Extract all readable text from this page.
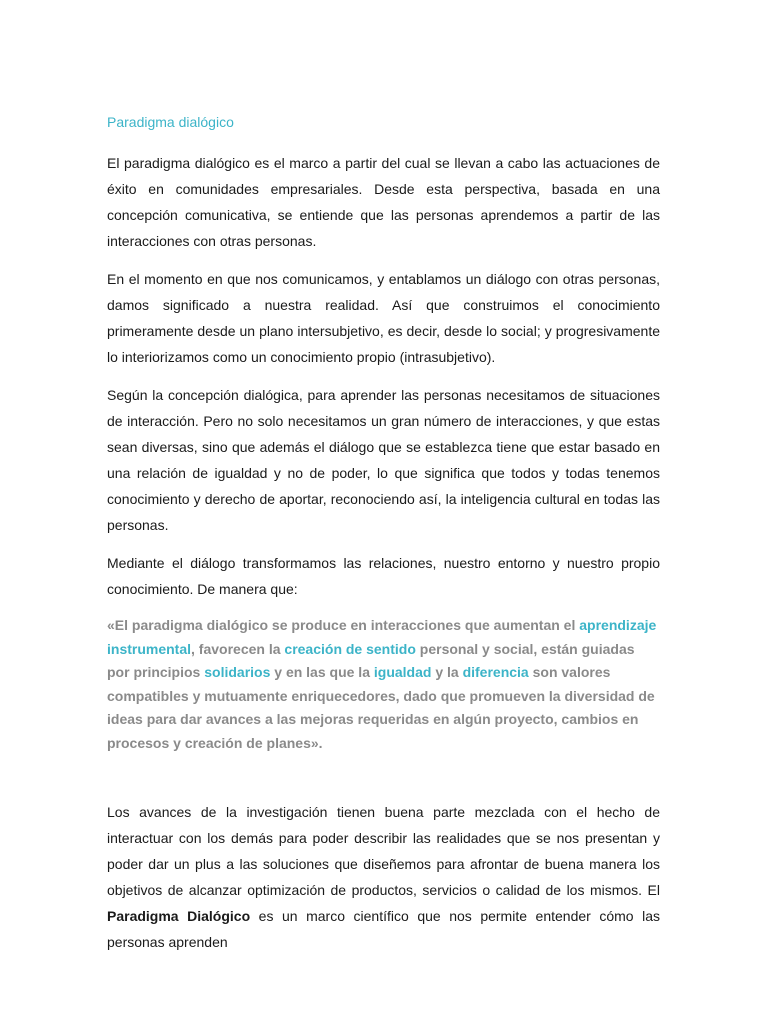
Paradigma dialógico

El paradigma dialógico es el marco a partir del cual se llevan a cabo las actuaciones de éxito en comunidades empresariales. Desde esta perspectiva, basada en una concepción comunicativa, se entiende que las personas aprendemos a partir de las interacciones con otras personas.

En el momento en que nos comunicamos, y entablamos un diálogo con otras personas, damos significado a nuestra realidad. Así que construimos el conocimiento primeramente desde un plano intersubjetivo, es decir, desde lo social; y progresivamente lo interiorizamos como un conocimiento propio (intrasubjetivo).

Según la concepción dialógica, para aprender las personas necesitamos de situaciones de interacción. Pero no solo necesitamos un gran número de interacciones, y que estas sean diversas, sino que además el diálogo que se establezca tiene que estar basado en una relación de igualdad y no de poder, lo que significa que todos y todas tenemos conocimiento y derecho de aportar, reconociendo así, la inteligencia cultural en todas las personas.

Mediante el diálogo transformamos las relaciones, nuestro entorno y nuestro propio conocimiento. De manera que:

«El paradigma dialógico se produce en interacciones que aumentan el aprendizaje instrumental, favorecen la creación de sentido personal y social, están guiadas por principios solidarios y en las que la igualdad y la diferencia son valores compatibles y mutuamente enriquecedores, dado que promueven la diversidad de ideas para dar avances a las mejoras requeridas en algún proyecto, cambios en procesos y creación de planes».

Los avances de la investigación tienen buena parte mezclada con el hecho de interactuar con los demás para poder describir las realidades que se nos presentan y poder dar un plus a las soluciones que diseñemos para afrontar de buena manera los objetivos de alcanzar optimización de productos, servicios o calidad de los mismos. El Paradigma Dialógico es un marco científico que nos permite entender cómo las personas aprenden
